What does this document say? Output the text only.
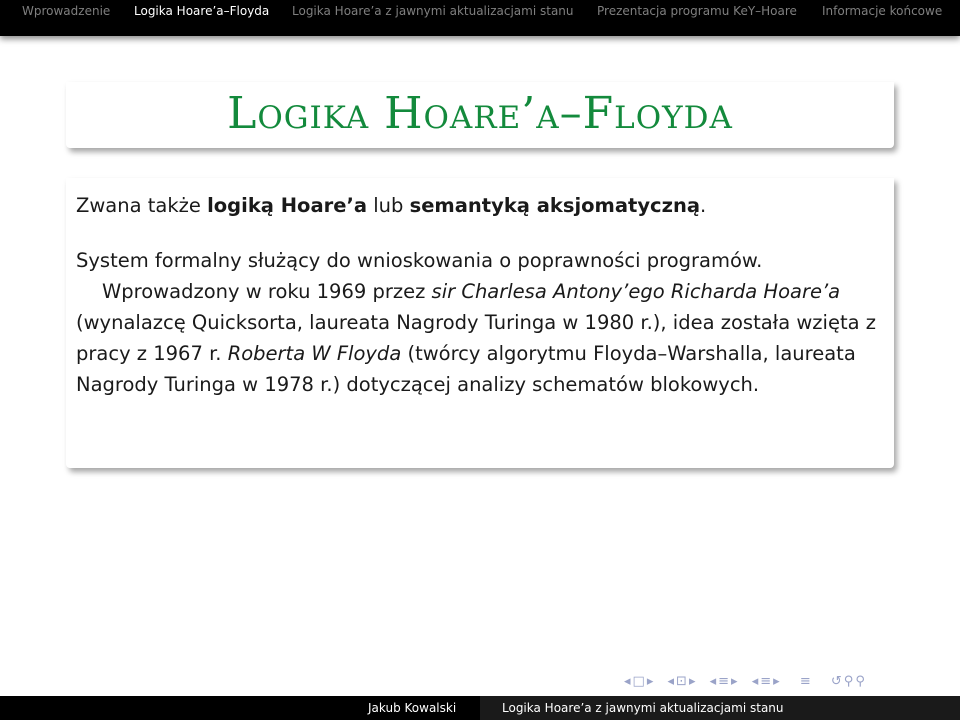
Wprowadzenie Logika Hoare’a–Floyda Logika Hoare’a z jawnymi aktualizacjami stanu Prezentacja programu KeY–Hoare Informacje końcowe
Logika Hoare’a–Floyda

Zwana także logiką Hoare’a lub semantyką aksjomatyczną.

System formalny służący do wnioskowania o poprawności programów.
Wprowadzony w roku 1969 przez sir Charlesa Antony’ego Richarda Hoare’a (wynalazcę Quicksorta, laureata Nagrody Turinga w 1980 r.), idea została wzięta z pracy z 1967 r. Roberta W Floyda (twórcy algorytmu Floyda–Warshalla, laureata Nagrody Turinga w 1978 r.) dotyczącej analizy schematów blokowych.

◂ □ ▸ ◂ ⊡ ▸ ◂ ≡ ▸ ◂ ≡ ▸ ≡ ↺ ⚲ ⚲
Jakub Kowalski	Logika Hoare’a z jawnymi aktualizacjami stanu
